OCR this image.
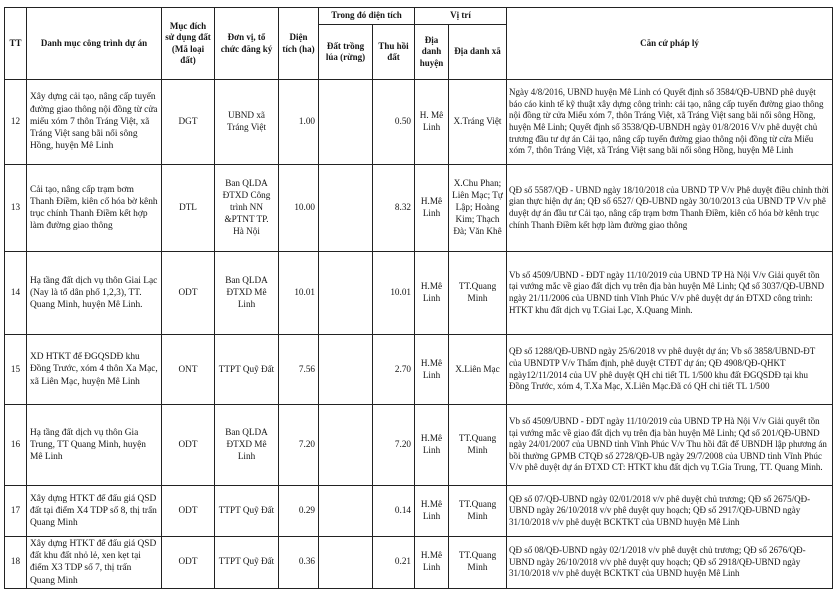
TT	Danh mục công trình dự án	Mục đích sử dụng đất (Mã loại đất)	Đơn vị, tổ chức đăng ký	Diện tích (ha)	Trong đó diện tích		Vị trí		Căn cứ pháp lý
					Đất trồng lúa (rừng)	Thu hồi đất	Địa danh huyện	Địa danh xã	
12	Xây dựng cải tạo, nâng cấp tuyến đường giao thông nội đồng từ cửa miếu xóm 7 thôn Tráng Việt, xã Tráng Việt sang bãi nổi sông Hồng, huyện Mê Linh	DGT	UBND xã Tráng Việt	1.00		0.50	H. Mê Linh	X.Tráng Việt	Ngày 4/8/2016, UBND huyện Mê Linh có Quyết định số 3584/QĐ-UBND phê duyệt báo cáo kinh tế kỹ thuật xây dựng công trình: cải tạo, nâng cấp tuyến đường giao thông nội đồng từ cửa Miếu xóm 7, thôn Tráng Việt, xã Tráng Việt sang bãi nổi sông Hồng, huyện Mê Linh; Quyết định số 3538/QĐ-UBNDH ngày 01/8/2016 V/v phê duyệt chủ trương đầu tư dự án Cải tạo, nâng cấp tuyến đường giao thông nội đồng từ cửa Miếu xóm 7, thôn Tráng Việt, xã Tráng Việt sang bãi nổi sông Hồng, huyện Mê Linh
13	Cải tạo, nâng cấp trạm bơm Thanh Điềm, kiên cố hóa bờ kênh trục chính Thanh Điềm kết hợp làm đường giao thông	DTL	Ban QLDA ĐTXD Công trình NN &PTNT TP. Hà Nội	10.00		8.32	H.Mê Linh	X.Chu Phan; Liên Mạc; Tự Lập; Hoàng Kim; Thạch Đà; Văn Khê	QĐ số 5587/QĐ - UBND ngày 18/10/2018 của UBND TP V/v Phê duyệt điều chỉnh thời gian thực hiện dự án; QĐ số 6527/ QĐ-UBND ngày 30/10/2013 của UBND TP V/v phê duyệt dự án đầu tư Cải tạo, nâng cấp trạm bơm Thanh Điềm, kiên cố hóa bờ kênh trục chính Thanh Điềm kết hợp làm đường giao thông
14	Hạ tầng đất dịch vụ thôn Giai Lạc (Nay là tổ dân phố 1,2,3), TT. Quang Minh, huyện Mê Linh.	ODT	Ban QLDA ĐTXD Mê Linh	10.01		10.01	H.Mê Linh	TT.Quang Minh	Vb số 4509/UBND - ĐDT ngày 11/10/2019 của UBND TP Hà Nội V/v Giải quyết tồn tại vướng mắc về giao đất dịch vụ trên địa bàn huyện Mê Linh; Qđ số 3037/QĐ-UBND ngày 21/11/2006 của UBND tỉnh Vĩnh Phúc V/v phê duyệt dự án ĐTXD công trình: HTKT khu đất dịch vụ T.Giai Lạc, X.Quang Minh.
15	XD HTKT để ĐGQSDĐ khu Đồng Trước, xóm 4 thôn Xa Mạc, xã Liên Mạc, huyện Mê Linh	ONT	TTPT Quỹ Đất	7.56		2.70	H.Mê Linh	X.Liên Mạc	QĐ số 1288/QĐ-UBND ngày 25/6/2018 vv phê duyệt dự án; Vb số 3858/UBND-ĐT của UBNDTP V/v Thẩm định, phê duyệt CTĐT dự án; QĐ 4908/QĐ-QHKT ngày12/11/2014 của UV phê duyệt QH chi tiết TL 1/500 khu đất ĐGQSDĐ tại khu Đồng Trước, xóm 4, T.Xa Mạc, X.Liên Mạc.Đã có QH chi tiết TL 1/500
16	Hạ tầng đất dịch vụ thôn Gia Trung, TT Quang Minh, huyện Mê Linh	ODT	Ban QLDA ĐTXD Mê Linh	7.20		7.20	H.Mê Linh	TT.Quang Minh	Vb số 4509/UBND - ĐDT ngày 11/10/2019 của UBND TP Hà Nội V/v Giải quyết tồn tại vướng mắc về giao đất dịch vụ trên địa bàn huyện Mê Linh; Qđ số 201/QĐ-UBND ngày 24/01/2007 của UBND tỉnh Vĩnh Phúc V/v Thu hồi đất để UBNDH lập phương án bồi thường GPMB CTQĐ số 2728/QĐ-UB ngày 29/7/2008 của UBND tỉnh Vĩnh Phúc V/v phê duyệt dự án ĐTXD CT: HTKT khu đất dịch vụ T.Gia Trung, TT. Quang Minh.
17	Xây dựng HTKT để đấu giá QSD đất tại điểm X4 TDP số 8, thị trấn Quang Minh	ODT	TTPT Quỹ Đất	0.29		0.14	H.Mê Linh	TT.Quang Minh	QĐ số 07/QĐ-UBND ngày 02/01/2018 v/v phê duyệt chủ trương; QĐ số 2675/QĐ-UBND ngày 26/10/2018 v/v phê duyệt quy hoạch; QĐ số 2917/QĐ-UBND ngày 31/10/2018 v/v phê duyệt BCKTKT của UBND huyện Mê Linh
18	Xây dựng HTKT để đấu giá QSD đất khu đất nhỏ lẻ, xen kẹt tại điểm X3 TDP số 7, thị trấn Quang Minh	ODT	TTPT Quỹ Đất	0.36		0.21	H.Mê Linh	TT.Quang Minh	QĐ số 08/QĐ-UBND ngày 02/1/2018 v/v phê duyệt chủ trương; QĐ số 2676/QĐ-UBND ngày 26/10/2018 v/v phê duyệt quy hoạch; QĐ số 2918/QĐ-UBND ngày 31/10/2018 v/v phê duyệt BCKTKT của UBND huyện Mê Linh
